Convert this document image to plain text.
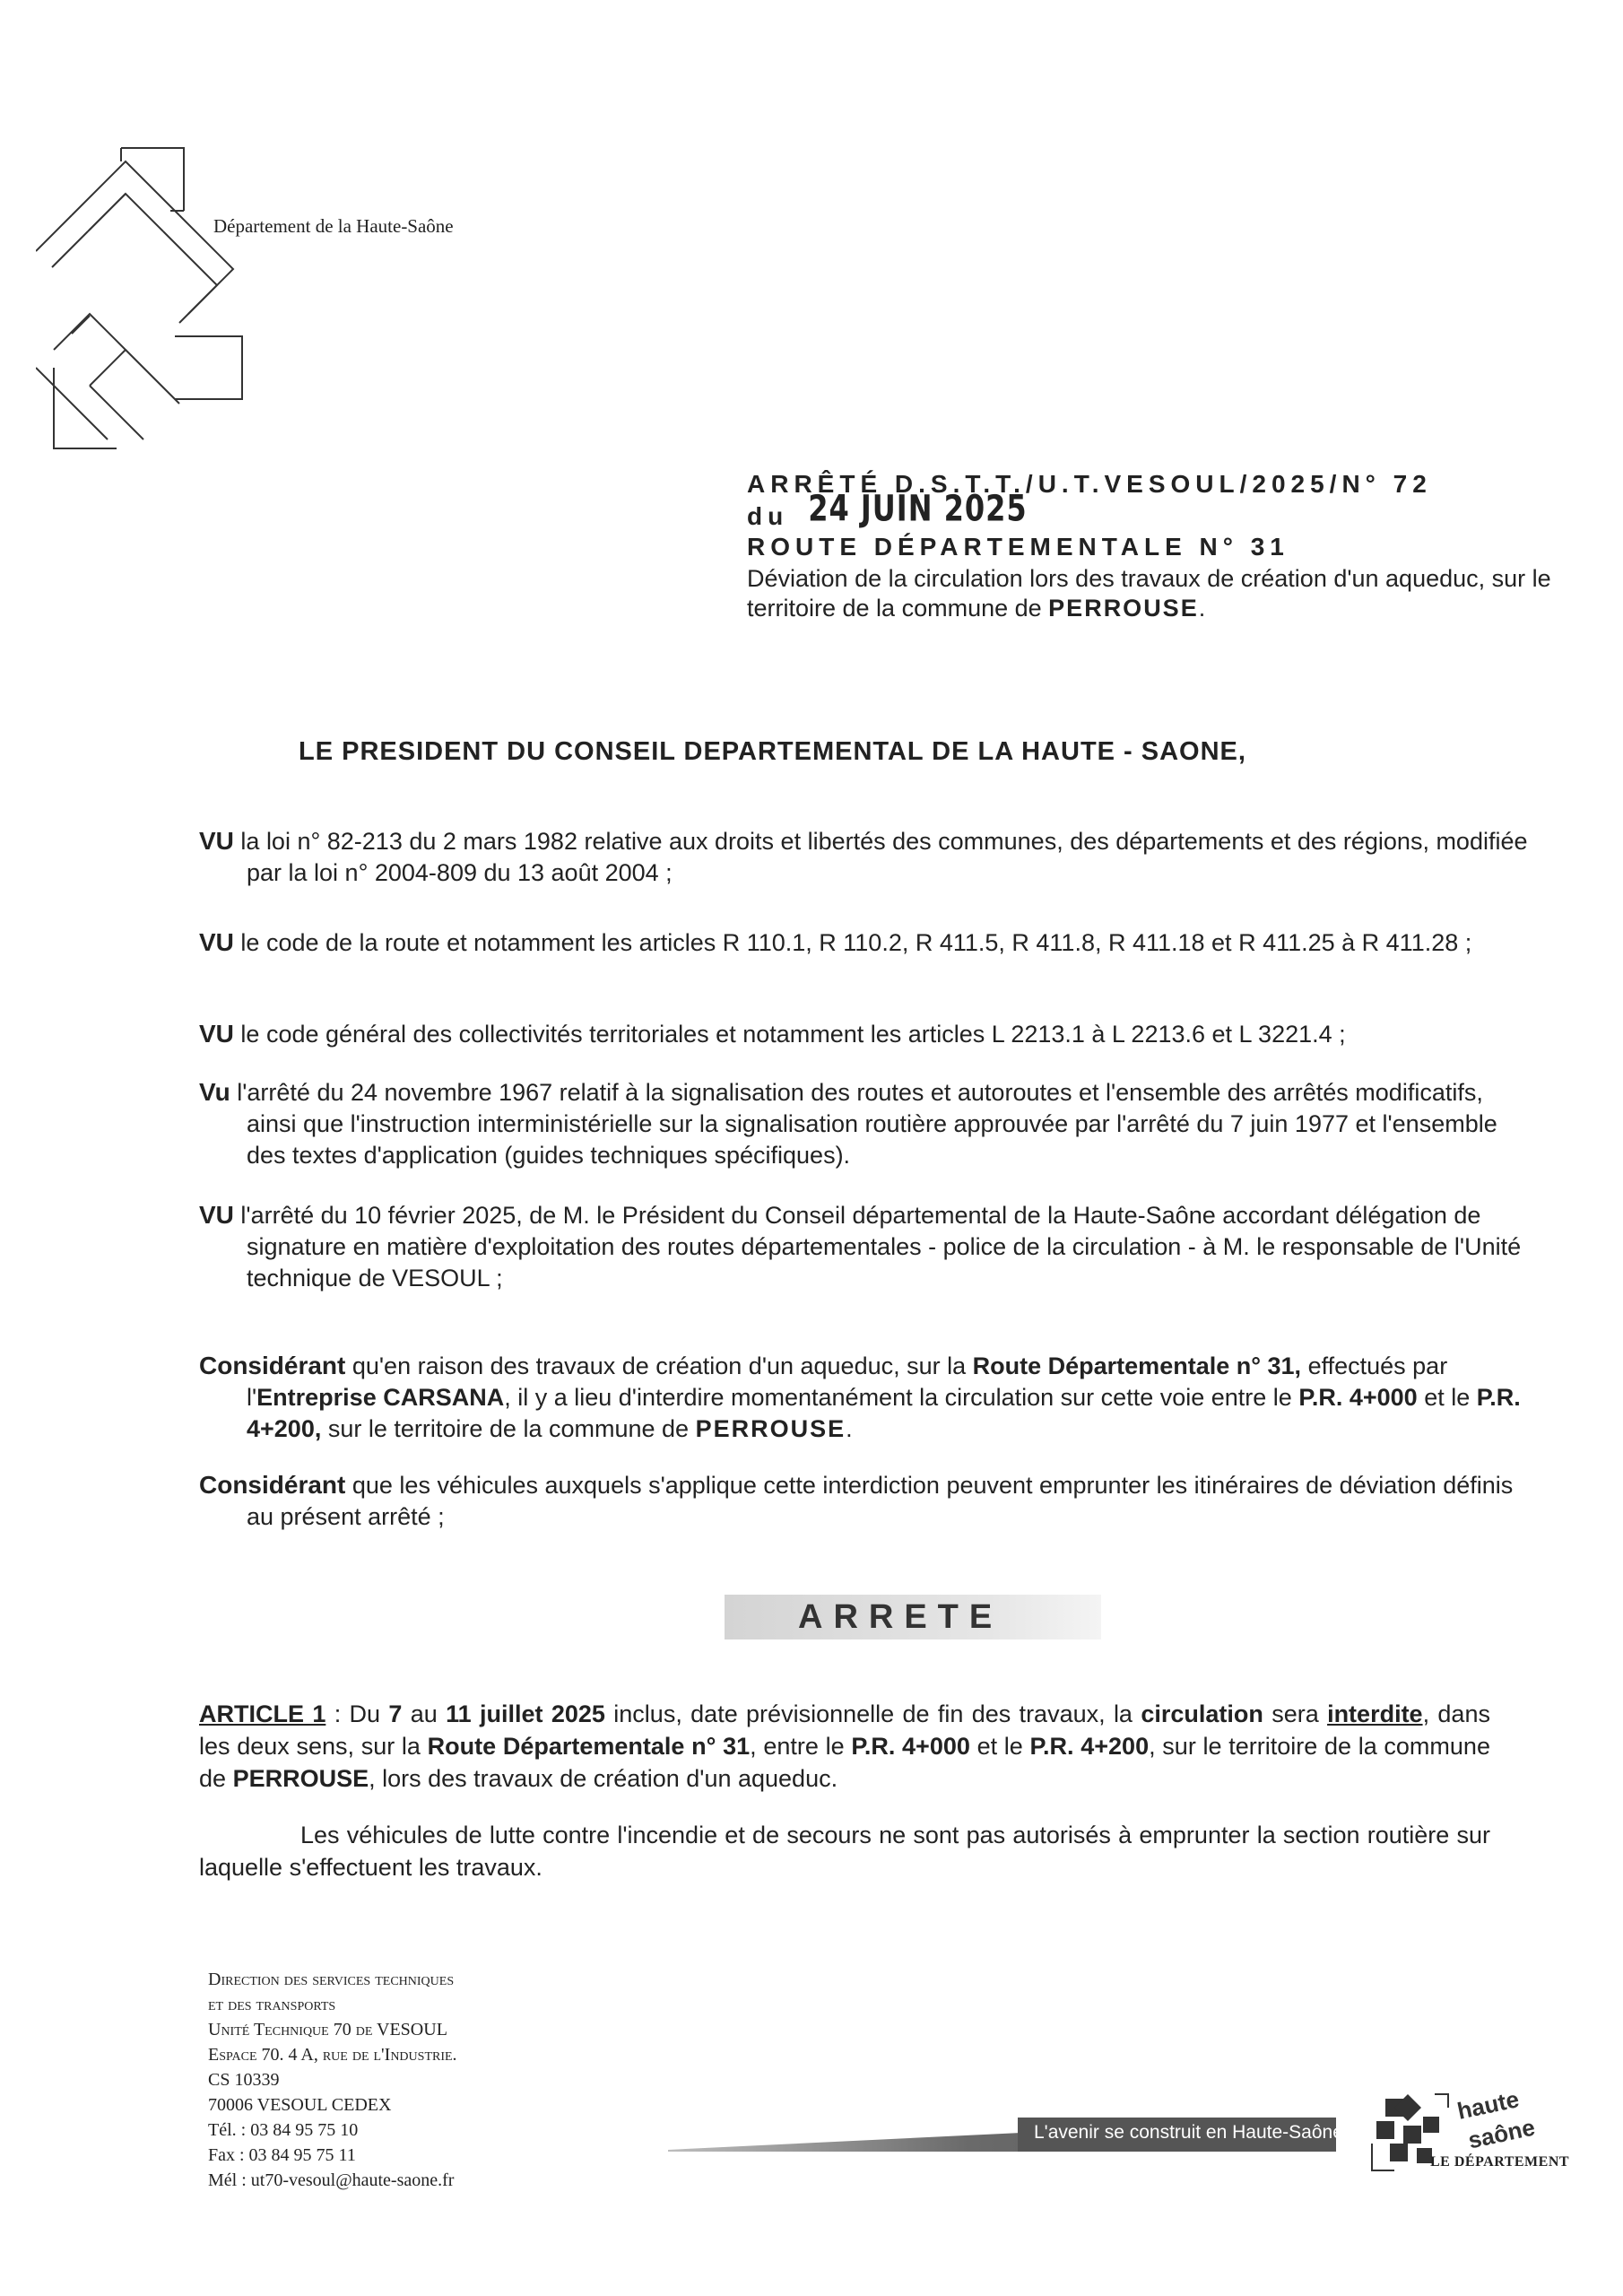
Département de la Haute-Saône
ARRÊTÉ D.S.T.T./U.T.VESOUL/2025/N° 72
du 24 JUIN 2025
ROUTE DÉPARTEMENTALE N° 31
Déviation de la circulation lors des travaux de création d'un aqueduc, sur le territoire de la commune de PERROUSE.
LE PRESIDENT DU CONSEIL DEPARTEMENTAL DE LA HAUTE - SAONE,
VU la loi n° 82-213 du 2 mars 1982 relative aux droits et libertés des communes, des départements et des régions, modifiée par la loi n° 2004-809 du 13 août 2004 ;
VU le code de la route et notamment les articles R 110.1, R 110.2, R 411.5, R 411.8, R 411.18 et R 411.25 à R 411.28 ;
VU le code général des collectivités territoriales et notamment les articles L 2213.1 à L 2213.6 et L 3221.4 ;
Vu l'arrêté du 24 novembre 1967 relatif à la signalisation des routes et autoroutes et l'ensemble des arrêtés modificatifs, ainsi que l'instruction interministérielle sur la signalisation routière approuvée par l'arrêté du 7 juin 1977 et l'ensemble des textes d'application (guides techniques spécifiques).
VU l'arrêté du 10 février 2025, de M. le Président du Conseil départemental de la Haute-Saône accordant délégation de signature en matière d'exploitation des routes départementales - police de la circulation - à M. le responsable de l'Unité technique de VESOUL ;
Considérant qu'en raison des travaux de création d'un aqueduc, sur la Route Départementale n° 31, effectués par l'Entreprise CARSANA, il y a lieu d'interdire momentanément la circulation sur cette voie entre le P.R. 4+000 et le P.R. 4+200, sur le territoire de la commune de PERROUSE.
Considérant que les véhicules auxquels s'applique cette interdiction peuvent emprunter les itinéraires de déviation définis au présent arrêté ;
ARRETE
ARTICLE 1 : Du 7 au 11 juillet 2025 inclus, date prévisionnelle de fin des travaux, la circulation sera interdite, dans les deux sens, sur la Route Départementale n° 31, entre le P.R. 4+000 et le P.R. 4+200, sur le territoire de la commune de PERROUSE, lors des travaux de création d'un aqueduc.
Les véhicules de lutte contre l'incendie et de secours ne sont pas autorisés à emprunter la section routière sur laquelle s'effectuent les travaux.
Direction des services techniques
et des transports
Unité Technique 70 de VESOUL
Espace 70. 4 A, rue de l'Industrie.
CS 10339
70006 VESOUL CEDEX
Tél. : 03 84 95 75 10
Fax : 03 84 95 75 11
Mél : ut70-vesoul@haute-saone.fr
L'avenir se construit en Haute-Saône
haute
saône
LE DÉPARTEMENT
